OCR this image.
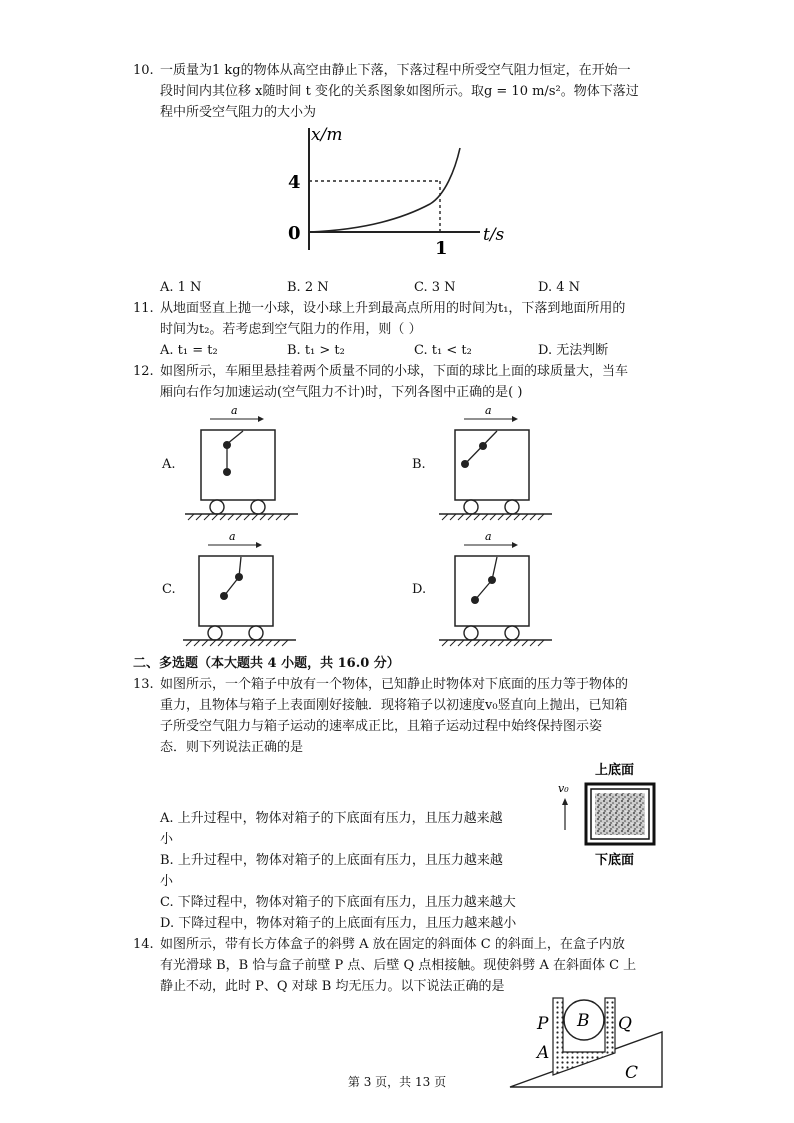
10. 一质量为1 kg的物体从高空由静止下落，下落过程中所受空气阻力恒定，在开始一
段时间内其位移 x随时间 t 变化的关系图象如图所示。取g = 10 m/s²。物体下落过
程中所受空气阻力的大小为
x/m
4
0
1
t/s
A. 1 N	B. 2 N	C. 3 N	D. 4 N
11. 从地面竖直上抛一小球，设小球上升到最高点所用的时间为t₁，下落到地面所用的
时间为t₂。若考虑到空气阻力的作用，则（ ）
A. t₁ = t₂	B. t₁ > t₂	C. t₁ < t₂	D. 无法判断
12. 如图所示，车厢里悬挂着两个质量不同的小球，下面的球比上面的球质量大，当车
厢向右作匀加速运动(空气阻力不计)时，下列各图中正确的是( )
A.
a
B.
a
C.
a
D.
a
二、多选题（本大题共 4 小题，共 16.0 分）
13. 如图所示，一个箱子中放有一个物体，已知静止时物体对下底面的压力等于物体的
重力，且物体与箱子上表面刚好接触．现将箱子以初速度v₀竖直向上抛出，已知箱
子所受空气阻力与箱子运动的速率成正比，且箱子运动过程中始终保持图示姿
态．则下列说法正确的是
上底面
v₀
下底面
A. 上升过程中，物体对箱子的下底面有压力，且压力越来越
小
B. 上升过程中，物体对箱子的上底面有压力，且压力越来越
小
C. 下降过程中，物体对箱子的下底面有压力，且压力越来越大
D. 下降过程中，物体对箱子的上底面有压力，且压力越来越小
14. 如图所示，带有长方体盒子的斜劈 A 放在固定的斜面体 C 的斜面上，在盒子内放
有光滑球 B，B 恰与盒子前壁 P 点、后壁 Q 点相接触。现使斜劈 A 在斜面体 C 上
静止不动，此时 P、Q 对球 B 均无压力。以下说法正确的是
B
P	Q
A
C
第 3 页，共 13 页
